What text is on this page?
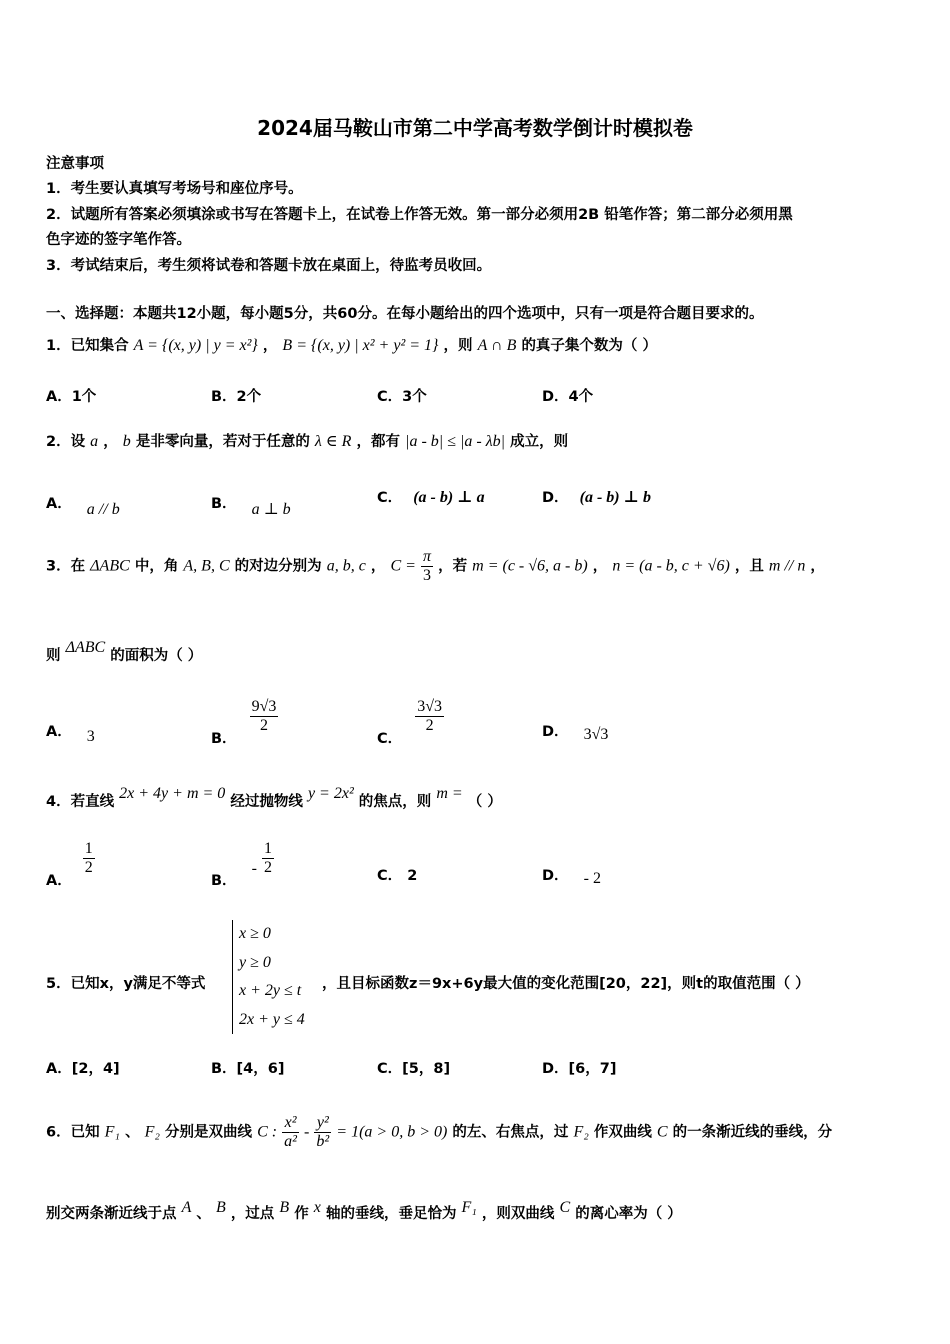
2024届马鞍山市第二中学高考数学倒计时模拟卷
注意事项
1．考生要认真填写考场号和座位序号。
2．试题所有答案必须填涂或书写在答题卡上，在试卷上作答无效。第一部分必须用2B 铅笔作答；第二部分必须用黑
色字迹的签字笔作答。
3．考试结束后，考生须将试卷和答题卡放在桌面上，待监考员收回。
一、选择题：本题共12小题，每小题5分，共60分。在每小题给出的四个选项中，只有一项是符合题目要求的。
1．已知集合 A = {(x, y) | y = x²} ， B = {(x, y) | x² + y² = 1} ，则 A ∩ B 的真子集个数为（ ）
A．1个	B．2个	C．3个	D．4个
2．设 a ， b 是非零向量，若对于任意的 λ ∈ R ，都有 |a - b| ≤ |a - λb| 成立，则
A． a // b	B． a ⊥ b
C． (a - b) ⊥ a	D． (a - b) ⊥ b
3．在 ΔABC 中，角 A, B, C 的对边分别为 a, b, c ， $C = \frac{\pi}{3}$ ，若 m = (c - √6, a - b) ， n = (a - b, c + √6) ，且 m // n ，
则 ΔABC 的面积为（ ）
A． 3	B．
$\frac{9√3}{2}$
C．
$\frac{3√3}{2}$	D． 3√3
4．若直线 2x + 4y + m = 0 经过抛物线 y = 2x² 的焦点，则 m = （ ）
A．
$\frac{1}{2}$
B． - $\frac{1}{2}$	C． 2	D． - 2
5．已知x，y满足不等式
x ≥ 0
y ≥ 0
x + 2y ≤ t
2x + y ≤ 4
，且目标函数z＝9x+6y最大值的变化范围[20，22]，则t的取值范围（ ）
A．[2，4]	B．[4，6]	C．[5，8]	D．[6，7]
6．已知 F₁ 、 F₂ 分别是双曲线 C : $\frac{\text{x²}}{\text{a²}} - \frac{\text{y²}}{\text{b²}} = 1(a > 0$, b > 0) 的左、右焦点，过 F₂ 作双曲线 C 的一条渐近线的垂线，分
别交两条渐近线于点 A 、 B ，过点 B 作 x 轴的垂线，垂足恰为 F₁ ，则双曲线 C 的离心率为（ ）
